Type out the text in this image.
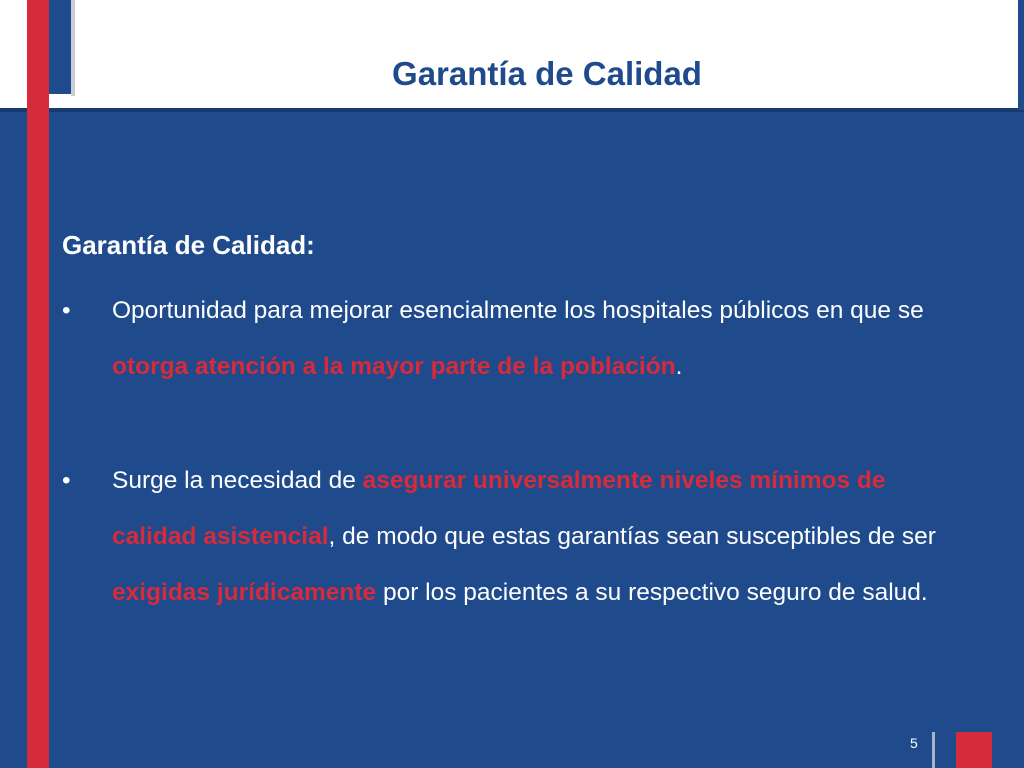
Garantía de Calidad
Garantía de Calidad:
•	Oportunidad para mejorar esencialmente los hospitales públicos en que se otorga atención a la mayor parte de la población.
•	Surge la necesidad de asegurar universalmente niveles mínimos de calidad asistencial, de modo que estas garantías sean susceptibles de ser exigidas jurídicamente por los pacientes a su respectivo seguro de salud.
5
